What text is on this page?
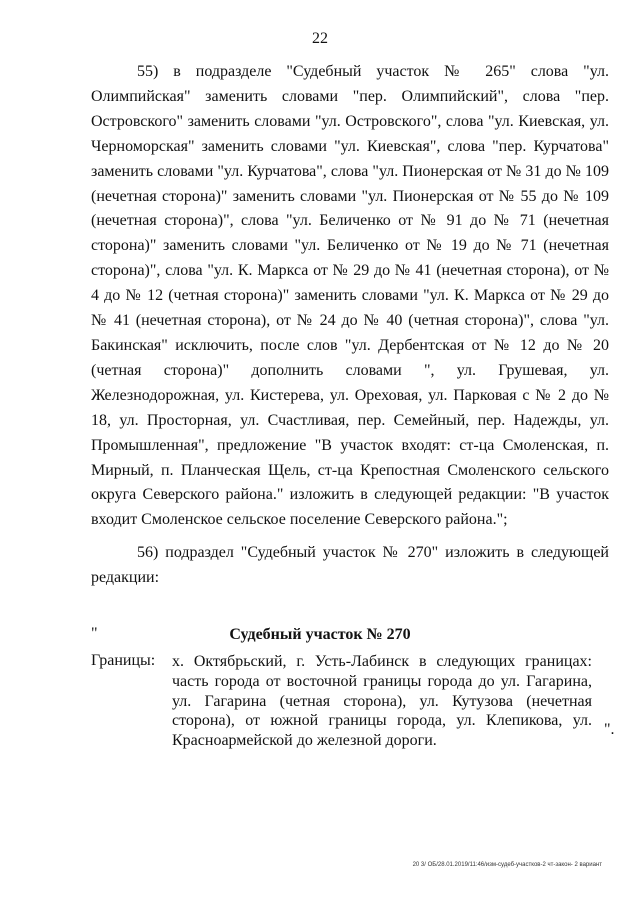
22

55) в подразделе "Судебный участок № 265" слова "ул. Олимпийская" заменить словами "пер. Олимпийский", слова "пер. Островского" заменить словами "ул. Островского", слова "ул. Киевская, ул. Черноморская" заменить словами "ул. Киевская", слова "пер. Курчатова" заменить словами "ул. Курчатова", слова "ул. Пионерская от № 31 до № 109 (нечетная сторона)" заменить словами "ул. Пионерская от № 55 до № 109 (нечетная сторона)", слова "ул. Беличенко от № 91 до № 71 (нечетная сторона)" заменить словами "ул. Беличенко от № 19 до № 71 (нечетная сторона)", слова "ул. К. Маркса от № 29 до № 41 (нечетная сторона), от № 4 до № 12 (четная сторона)" заменить словами "ул. К. Маркса от № 29 до № 41 (нечетная сторона), от № 24 до № 40 (четная сторона)", слова "ул. Бакинская" исключить, после слов "ул. Дербентская от № 12 до № 20 (четная сторона)" дополнить словами ", ул. Грушевая, ул. Железнодорожная, ул. Кистерева, ул. Ореховая, ул. Парковая с № 2 до № 18, ул. Просторная, ул. Счастливая, пер. Семейный, пер. Надежды, ул. Промышленная", предложение "В участок входят: ст-ца Смоленская, п. Мирный, п. Планческая Щель, ст-ца Крепостная Смоленского сельского округа Северского района." изложить в следующей редакции: "В участок входит Смоленское сельское поселение Северского района.";

56) подраздел "Судебный участок № 270" изложить в следующей редакции:

"	Судебный участок № 270
Границы: х. Октябрьский, г. Усть-Лабинск в следующих границах: часть города от восточной границы города до ул. Гагарина, ул. Гагарина (четная сторона), ул. Кутузова (нечетная сторона), от южной границы города, ул. Клепикова, ул. Красноармейской до железной дороги.

".
20 3/ ОБ/28.01.2019/11:46/изм-судеб-участков-2 чт-закон- 2 вариант
